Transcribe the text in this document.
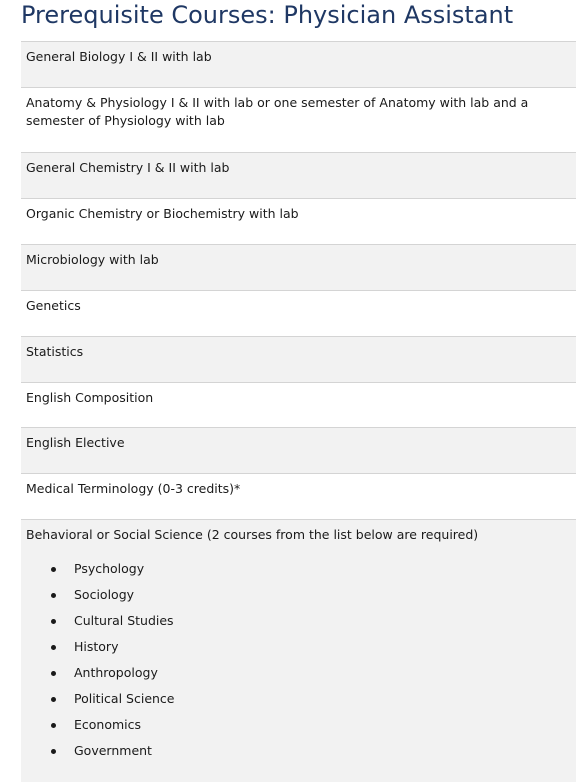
Prerequisite Courses: Physician Assistant
General Biology I & II with lab
Anatomy & Physiology I & II with lab or one semester of Anatomy with lab and a semester of Physiology with lab
General Chemistry I & II with lab
Organic Chemistry or Biochemistry with lab
Microbiology with lab
Genetics
Statistics
English Composition
English Elective
Medical Terminology (0-3 credits)*
Behavioral or Social Science (2 courses from the list below are required)
Psychology
Sociology
Cultural Studies
History
Anthropology
Political Science
Economics
Government
